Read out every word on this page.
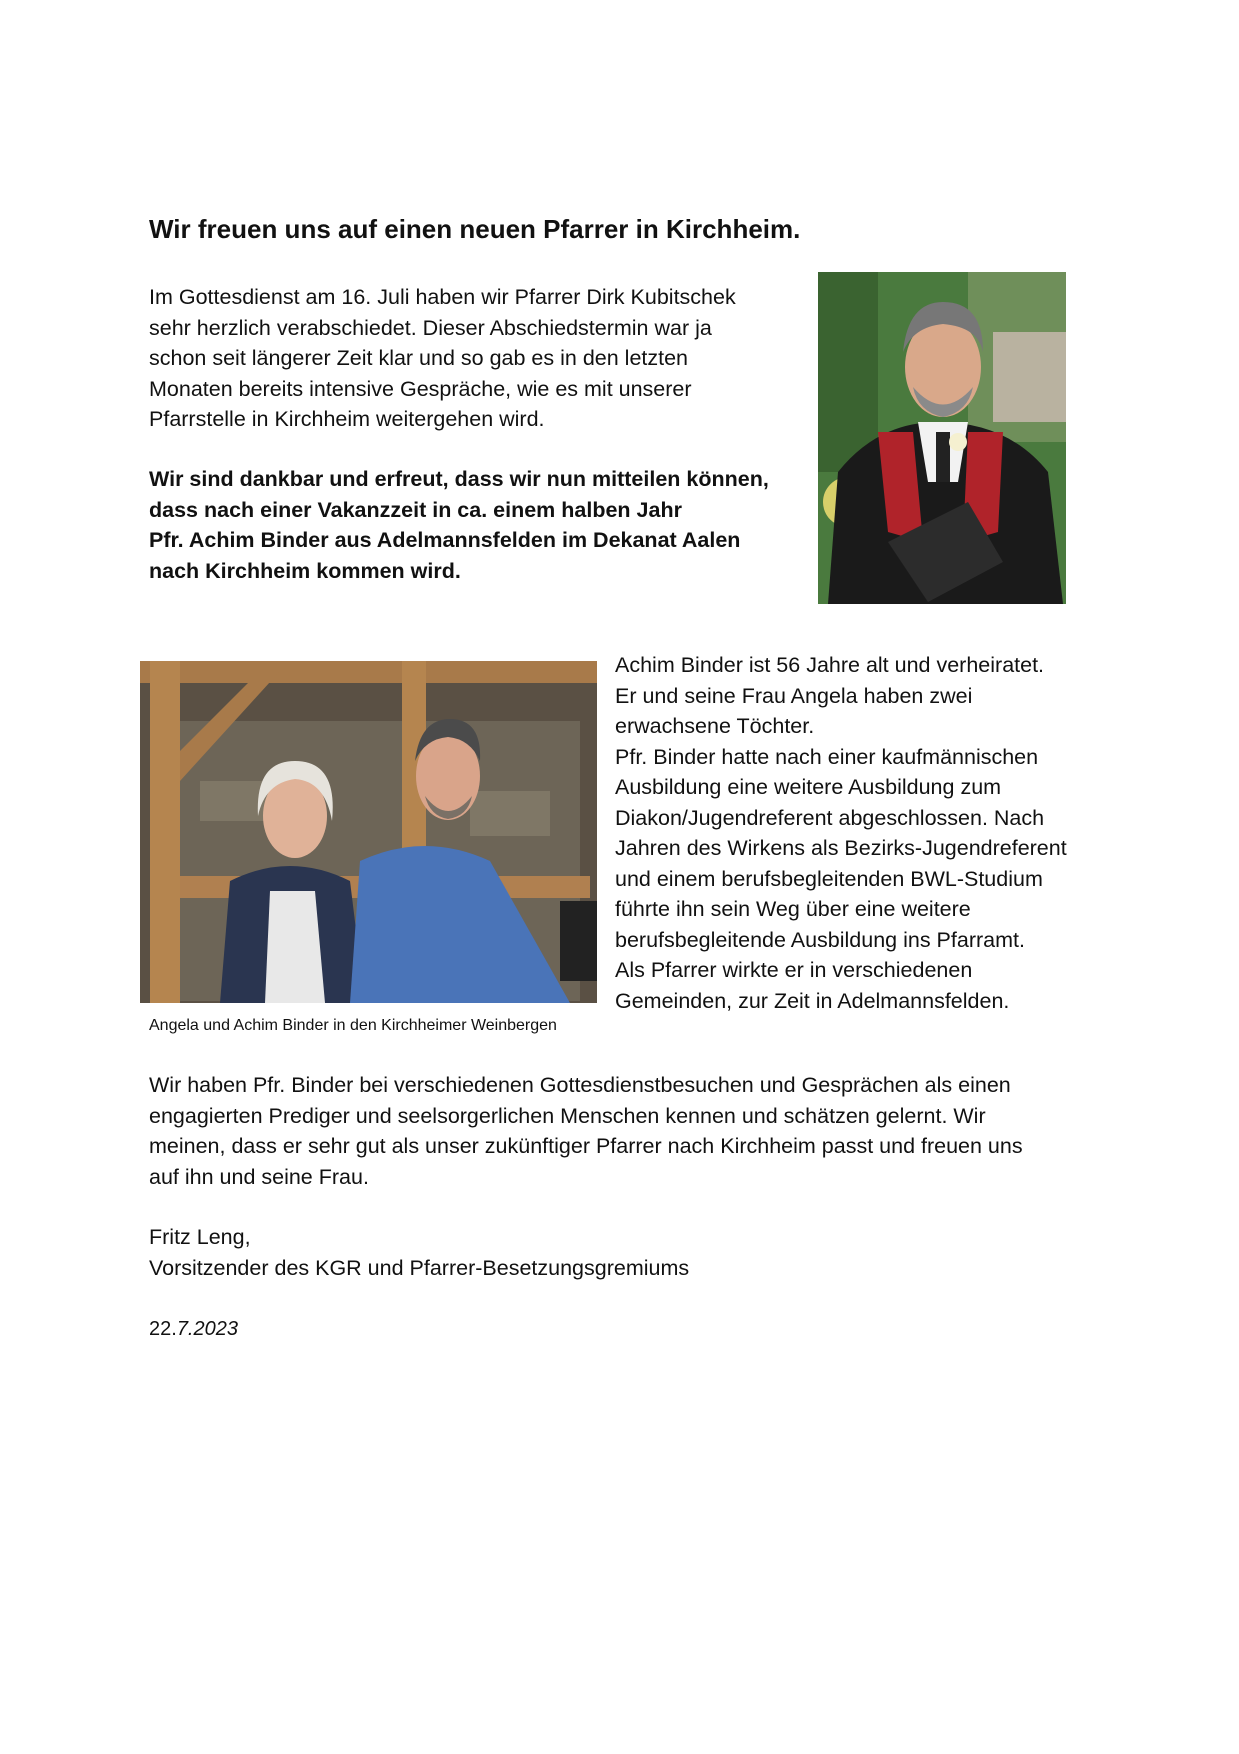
Wir freuen uns auf einen neuen Pfarrer in Kirchheim.
Im Gottesdienst am 16. Juli haben wir Pfarrer Dirk Kubitschek
sehr herzlich verabschiedet. Dieser Abschiedstermin war ja
schon seit längerer Zeit klar und so gab es in den letzten
Monaten bereits intensive Gespräche, wie es mit unserer
Pfarrstelle in Kirchheim weitergehen wird.
Wir sind dankbar und erfreut, dass wir nun mitteilen können,
dass nach einer Vakanzzeit in ca. einem halben Jahr
Pfr. Achim Binder aus Adelmannsfelden im Dekanat Aalen
nach Kirchheim kommen wird.
Angela und Achim Binder in den Kirchheimer Weinbergen
Achim Binder ist 56 Jahre alt und verheiratet.
Er und seine Frau Angela haben zwei
erwachsene Töchter.
Pfr. Binder hatte nach einer kaufmännischen
Ausbildung eine weitere Ausbildung zum
Diakon/Jugendreferent abgeschlossen. Nach
Jahren des Wirkens als Bezirks-Jugendreferent
und einem berufsbegleitenden BWL-Studium
führte ihn sein Weg über eine weitere
berufsbegleitende Ausbildung ins Pfarramt.
Als Pfarrer wirkte er in verschiedenen
Gemeinden, zur Zeit in Adelmannsfelden.
Wir haben Pfr. Binder bei verschiedenen Gottesdienstbesuchen und Gesprächen als einen
engagierten Prediger und seelsorgerlichen Menschen kennen und schätzen gelernt. Wir
meinen, dass er sehr gut als unser zukünftiger Pfarrer nach Kirchheim passt und freuen uns
auf ihn und seine Frau.
Fritz Leng,
Vorsitzender des KGR und Pfarrer-Besetzungsgremiums
22.7.2023
